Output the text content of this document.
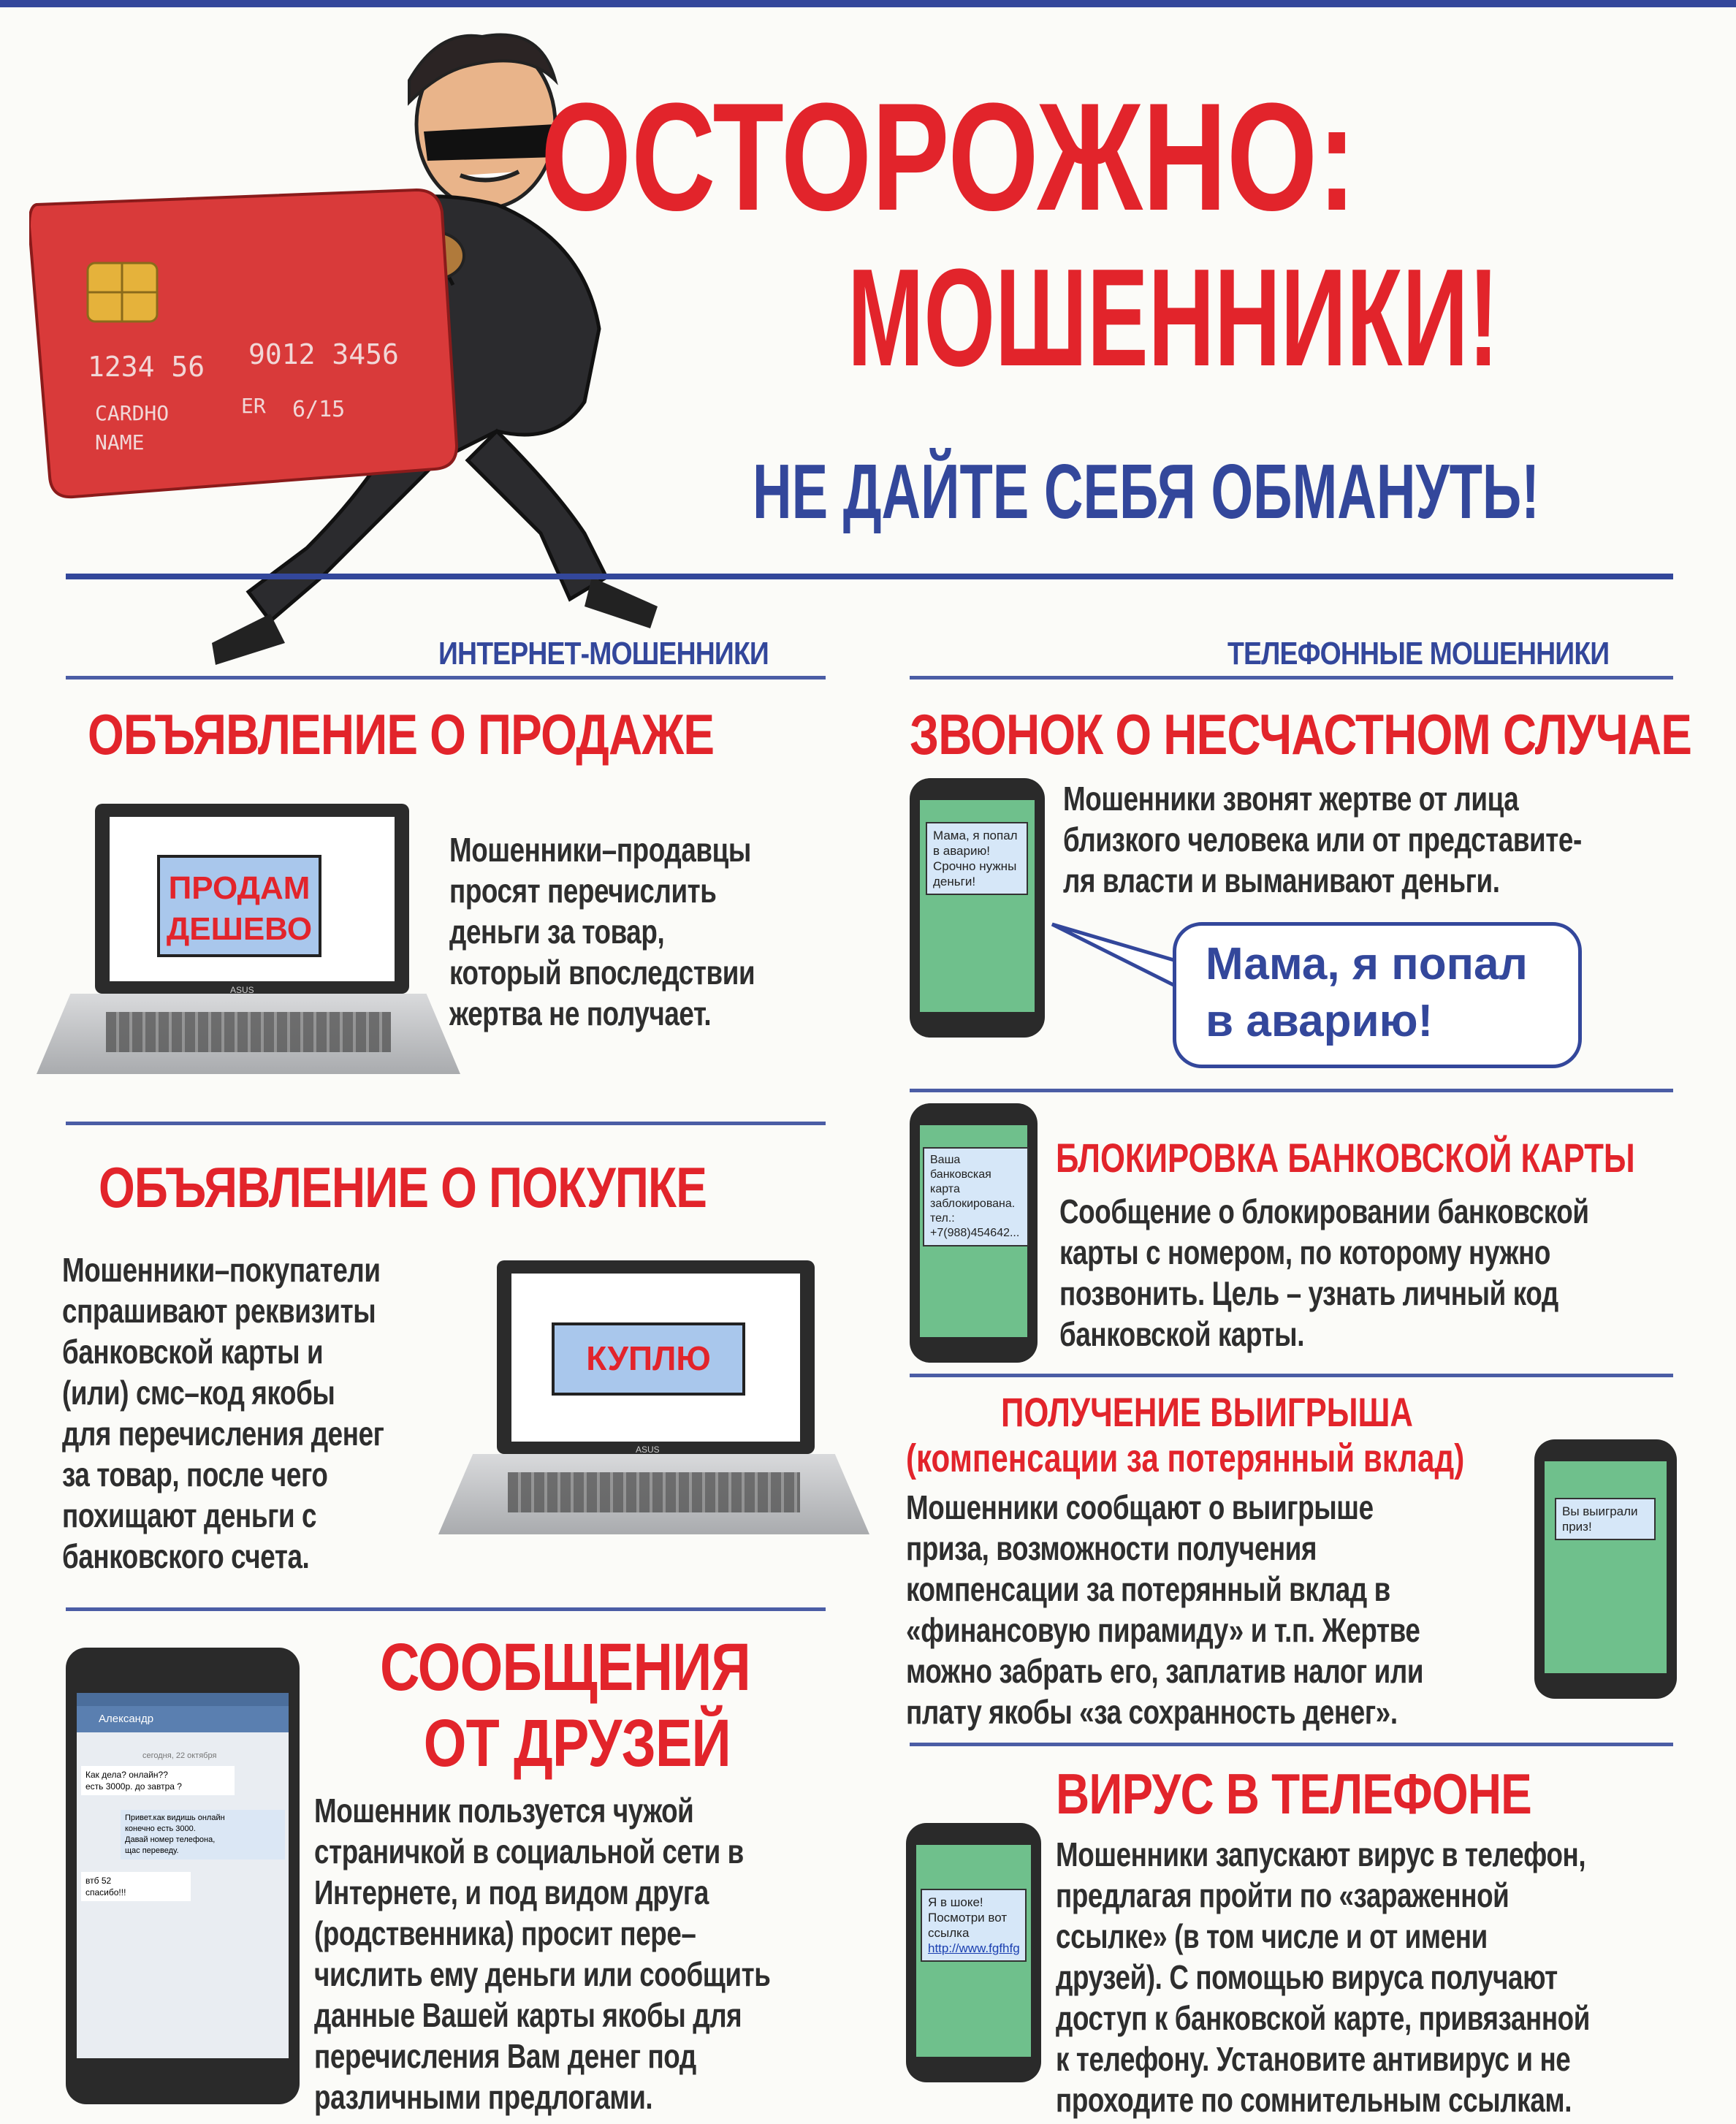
1234 56 9012 3456
CARDHO	ER
NAME
6/15
ОСТОРОЖНО:
МОШЕННИКИ!
НЕ ДАЙТЕ СЕБЯ ОБМАНУТЬ!
ИНТЕРНЕТ-МОШЕННИКИ	ТЕЛЕФОННЫЕ МОШЕННИКИ
ОБЪЯВЛЕНИЕ О ПРОДАЖЕ
ASUS
ПРОДАМ
ДЕШЕВО

Мошенники–продавцы

просят перечислить

деньги за товар,

который впоследствии

жертва не получает.

ОБЪЯВЛЕНИЕ О ПОКУПКЕ

Мошенники–покупатели

спрашивают реквизиты

банковской карты и

(или) смс–код якобы

для перечисления денег

за товар, после чего

похищают деньги с

банковского счета.

ASUS
КУПЛЮ
Александр
сегодня, 22 октября
Как дела? онлайн??
есть 3000р. до завтра ?
Привет.как видишь онлайн
конечно есть 3000.
Давай номер телефона,
щас переведу.
втб 52
спасибо!!!
СООБЩЕНИЯ
ОТ ДРУЗЕЙ

Мошенник пользуется чужой

страничкой в социальной сети в

Интернете, и под видом друга

(родственника) просит пере–

числить ему деньги или сообщить

данные Вашей карты якобы для

перечисления Вам денег под

различными предлогами.

ЗВОНОК О НЕСЧАСТНОМ СЛУЧАЕ

Мама, я попал

в аварию!

Срочно нужны

деньги!

Мошенники звонят жертве от лица

близкого человека или от представите-

ля власти и выманивают деньги.

Мама, я попал

в аварию!

Ваша

банковская

карта

заблокирована.

тел.:

+7(988)454642...

БЛОКИРОВКА БАНКОВСКОЙ КАРТЫ

Сообщение о блокировании банковской

карты с номером, по которому нужно

позвонить. Цель – узнать личный код

банковской карты.

ПОЛУЧЕНИЕ ВЫИГРЫША
(компенсации за потерянный вклад)

Вы выиграли

приз!

Мошенники сообщают о выигрыше

приза, возможности получения

компенсации за потерянный вклад в

«финансовую пирамиду» и т.п. Жертве

можно забрать его, заплатив налог или

плату якобы «за сохранность денег».

ВИРУС В ТЕЛЕФОНЕ

Я в шоке!

Посмотри вот

ссылка

http://www.fgfhfg

Мошенники запускают вирус в телефон,

предлагая пройти по «зараженной

ссылке» (в том числе и от имени

друзей). С помощью вируса получают

доступ к банковской карте, привязанной

к телефону. Установите антивирус и не

проходите по сомнительным ссылкам.
